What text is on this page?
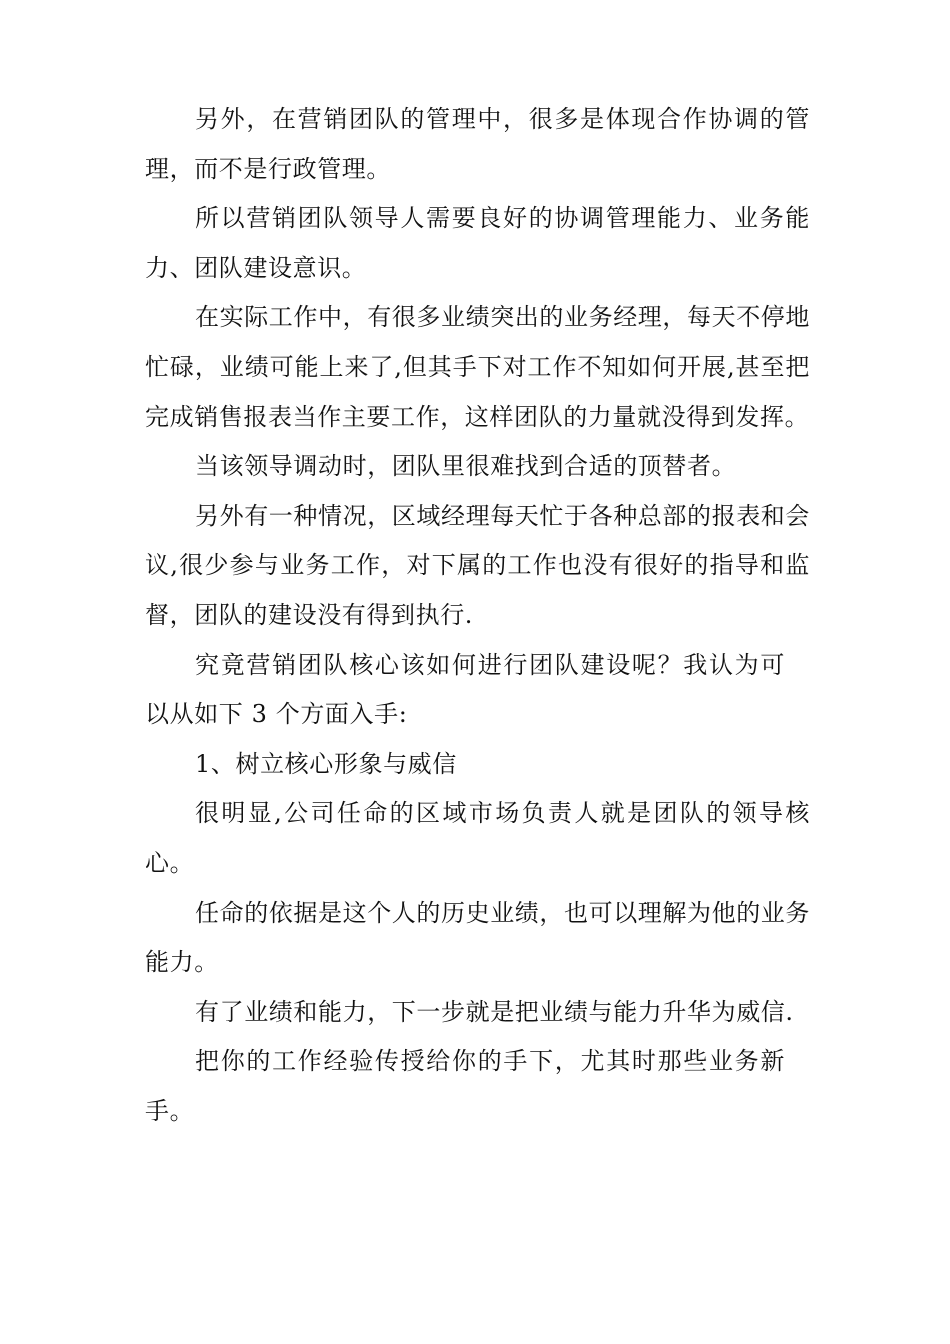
另外，在营销团队的管理中，很多是体现合作协调的管理，而不是行政管理。

所以营销团队领导人需要良好的协调管理能力、业务能力、团队建设意识。

在实际工作中，有很多业绩突出的业务经理，每天不停地忙碌，业绩可能上来了,但其手下对工作不知如何开展,甚至把完成销售报表当作主要工作，这样团队的力量就没得到发挥。

当该领导调动时，团队里很难找到合适的顶替者。

另外有一种情况，区域经理每天忙于各种总部的报表和会议,很少参与业务工作，对下属的工作也没有很好的指导和监督，团队的建设没有得到执行.

究竟营销团队核心该如何进行团队建设呢？我认为可以从如下 3 个方面入手:

1、树立核心形象与威信

很明显,公司任命的区域市场负责人就是团队的领导核心。

任命的依据是这个人的历史业绩，也可以理解为他的业务能力。

有了业绩和能力，下一步就是把业绩与能力升华为威信.

把你的工作经验传授给你的手下，尤其时那些业务新手。
